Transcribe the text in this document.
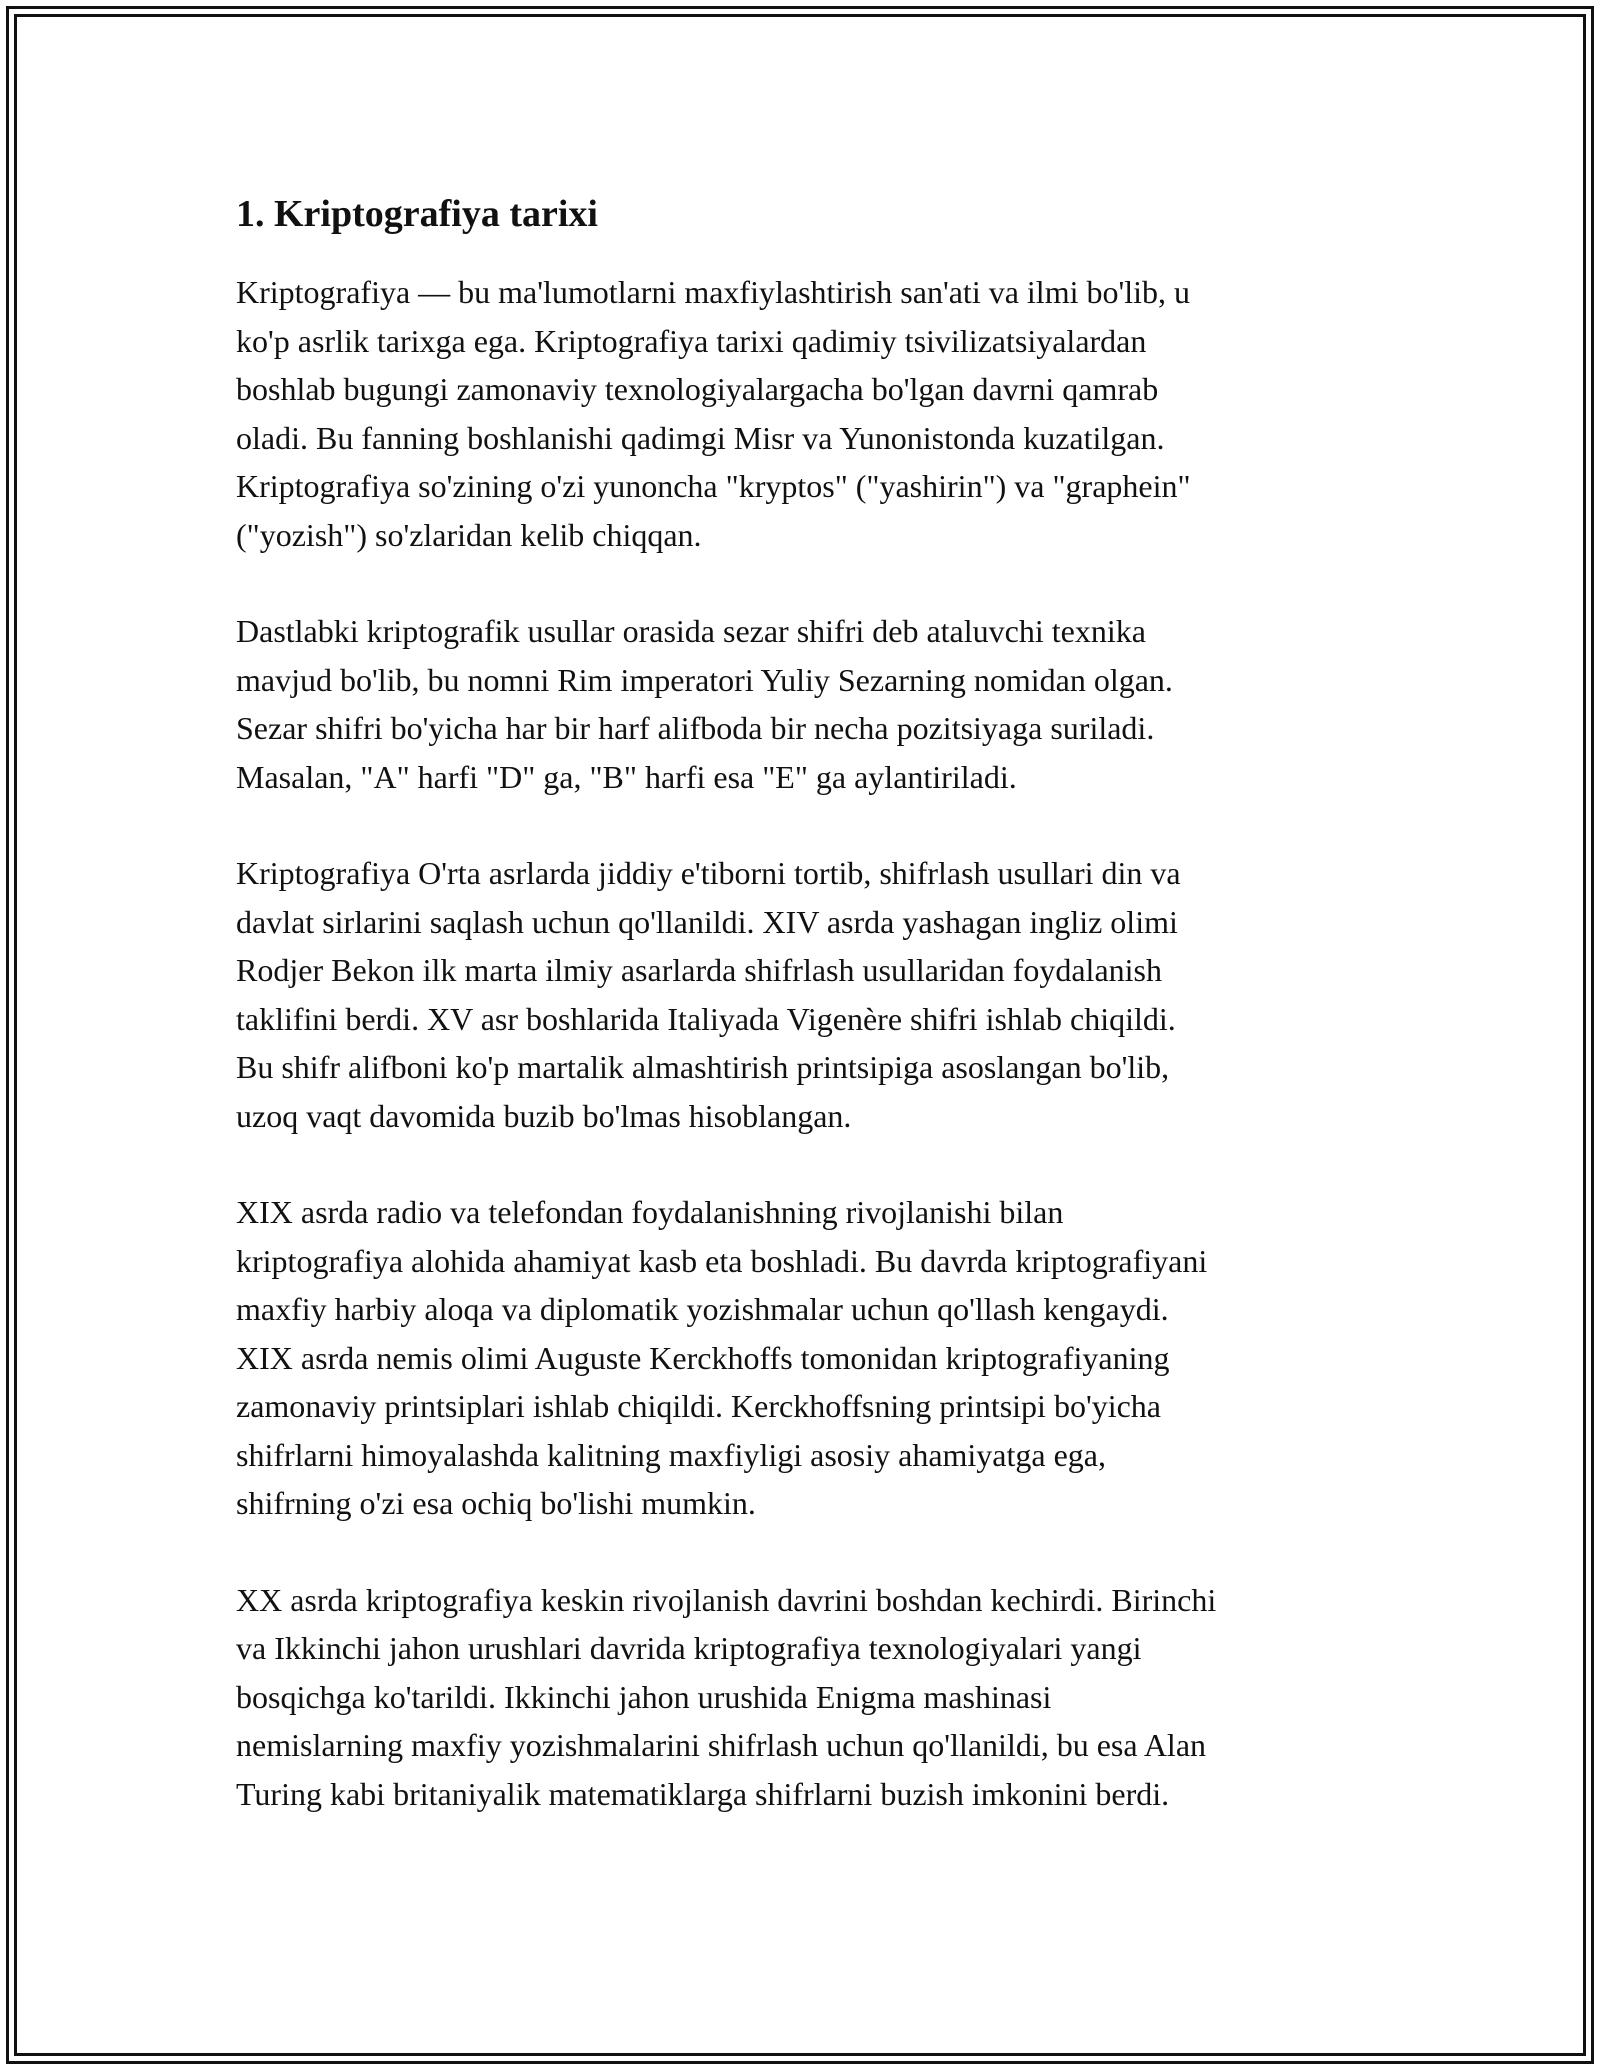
1. Kriptografiya tarixi

Kriptografiya — bu ma'lumotlarni maxfiylashtirish san'ati va ilmi bo'lib, u
ko'p asrlik tarixga ega. Kriptografiya tarixi qadimiy tsivilizatsiyalardan
boshlab bugungi zamonaviy texnologiyalargacha bo'lgan davrni qamrab
oladi. Bu fanning boshlanishi qadimgi Misr va Yunonistonda kuzatilgan.
Kriptografiya so'zining o'zi yunoncha "kryptos" ("yashirin") va "graphein"
("yozish") so'zlaridan kelib chiqqan.

Dastlabki kriptografik usullar orasida sezar shifri deb ataluvchi texnika
mavjud bo'lib, bu nomni Rim imperatori Yuliy Sezarning nomidan olgan.
Sezar shifri bo'yicha har bir harf alifboda bir necha pozitsiyaga suriladi.
Masalan, "A" harfi "D" ga, "B" harfi esa "E" ga aylantiriladi.

Kriptografiya O'rta asrlarda jiddiy e'tiborni tortib, shifrlash usullari din va
davlat sirlarini saqlash uchun qo'llanildi. XIV asrda yashagan ingliz olimi
Rodjer Bekon ilk marta ilmiy asarlarda shifrlash usullaridan foydalanish
taklifini berdi. XV asr boshlarida Italiyada Vigenère shifri ishlab chiqildi.
Bu shifr alifboni ko'p martalik almashtirish printsipiga asoslangan bo'lib,
uzoq vaqt davomida buzib bo'lmas hisoblangan.

XIX asrda radio va telefondan foydalanishning rivojlanishi bilan
kriptografiya alohida ahamiyat kasb eta boshladi. Bu davrda kriptografiyani
maxfiy harbiy aloqa va diplomatik yozishmalar uchun qo'llash kengaydi.
XIX asrda nemis olimi Auguste Kerckhoffs tomonidan kriptografiyaning
zamonaviy printsiplari ishlab chiqildi. Kerckhoffsning printsipi bo'yicha
shifrlarni himoyalashda kalitning maxfiyligi asosiy ahamiyatga ega,
shifrning o'zi esa ochiq bo'lishi mumkin.

XX asrda kriptografiya keskin rivojlanish davrini boshdan kechirdi. Birinchi
va Ikkinchi jahon urushlari davrida kriptografiya texnologiyalari yangi
bosqichga ko'tarildi. Ikkinchi jahon urushida Enigma mashinasi
nemislarning maxfiy yozishmalarini shifrlash uchun qo'llanildi, bu esa Alan
Turing kabi britaniyalik matematiklarga shifrlarni buzish imkonini berdi.
